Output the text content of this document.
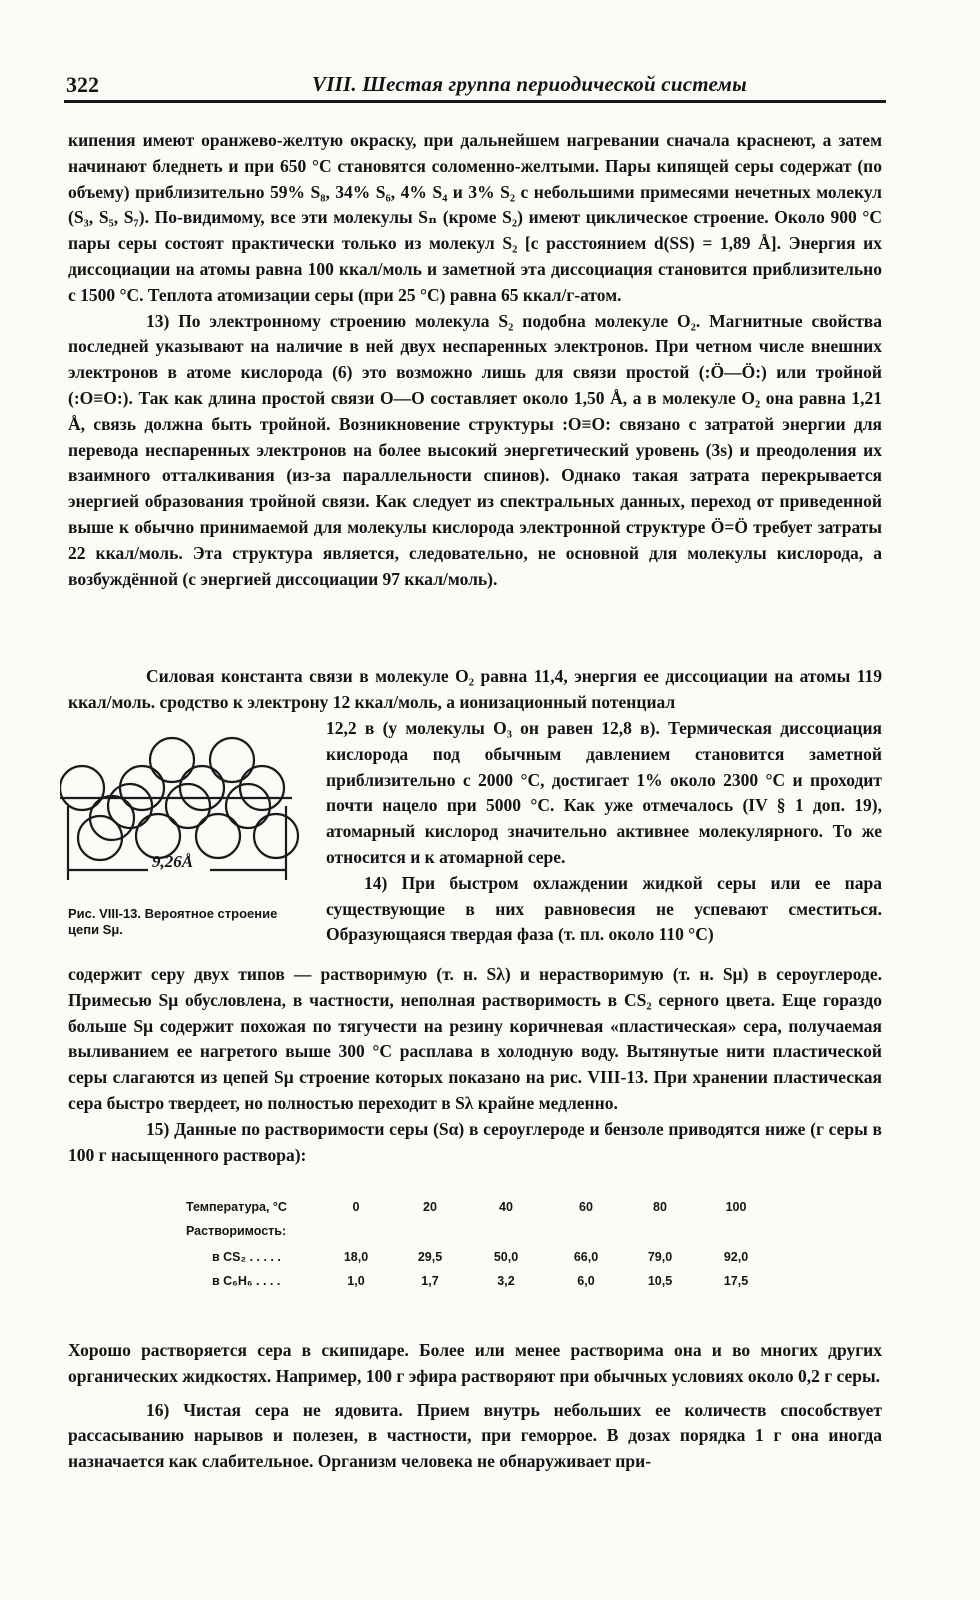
322	VIII. Шестая группа периодической системы

кипения имеют оранжево-желтую окраску, при дальнейшем нагревании сначала краснеют, а затем начинают бледнеть и при 650 °С становятся соломенно-желтыми. Пары кипящей серы содержат (по объему) приблизительно 59% S₈, 34% S₆, 4% S₄ и 3% S₂ с небольшими примесями нечетных молекул (S₃, S₅, S₇). По-видимому, все эти молекулы Sₙ (кроме S₂) имеют циклическое строение. Около 900 °С пары серы состоят практически только из молекул S₂ [с расстоянием d(SS) = 1,89 Å]. Энергия их диссоциации на атомы равна 100 ккал/моль и заметной эта диссоциация становится приблизительно с 1500 °С. Теплота атомизации серы (при 25 °С) равна 65 ккал/г-атом.

13) По электронному строению молекула S₂ подобна молекуле O₂. Магнитные свойства последней указывают на наличие в ней двух неспаренных электронов. При четном числе внешних электронов в атоме кислорода (6) это возможно лишь для связи простой (:Ö—Ö:) или тройной (:O≡O:). Так как длина простой связи O—O составляет около 1,50 Å, а в молекуле O₂ она равна 1,21 Å, связь должна быть тройной. Возникновение структуры :O≡O: связано с затратой энергии для перевода неспаренных электронов на более высокий энергетический уровень (3s) и преодоления их взаимного отталкивания (из-за параллельности спинов). Однако такая затрата перекрывается энергией образования тройной связи. Как следует из спектральных данных, переход от приведенной выше к обычно принимаемой для молекулы кислорода электронной структуре Ö=Ö требует затраты 22 ккал/моль. Эта структура является, следовательно, не основной для молекулы кислорода, а возбуждённой (с энергией диссоциации 97 ккал/моль).

Силовая константа связи в молекуле O₂ равна 11,4, энергия ее диссоциации на атомы 119 ккал/моль. сродство к электрону 12 ккал/моль, а ионизационный потенциал

9,26Å
Рис. VIII-13. Вероятное строение цепи Sμ.

12,2 в (у молекулы O₃ он равен 12,8 в). Термическая диссоциация кислорода под обычным давлением становится заметной приблизительно с 2000 °С, достигает 1% около 2300 °С и проходит почти нацело при 5000 °С. Как уже отмечалось (IV § 1 доп. 19), атомарный кислород значительно активнее молекулярного. То же относится и к атомарной сере.

14) При быстром охлаждении жидкой серы или ее пара существующие в них равновесия не успевают сместиться. Образующаяся твердая фаза (т. пл. около 110 °С)

содержит серу двух типов — растворимую (т. н. Sλ) и нерастворимую (т. н. Sμ) в сероуглероде. Примесью Sμ обусловлена, в частности, неполная растворимость в CS₂ серного цвета. Еще гораздо больше Sμ содержит похожая по тягучести на резину коричневая «пластическая» сера, получаемая выливанием ее нагретого выше 300 °С расплава в холодную воду. Вытянутые нити пластической серы слагаются из цепей Sμ строение которых показано на рис. VIII-13. При хранении пластическая сера быстро твердеет, но полностью переходит в Sλ крайне медленно.

15) Данные по растворимости серы (Sα) в сероуглероде и бензоле приводятся ниже (г серы в 100 г насыщенного раствора):

Температура, °С	0	20	40	60	80	100
Растворимость:
в CS₂ . . . . .	18,0	29,5	50,0	66,0	79,0	92,0
в C₆H₆ . . . .	1,0	1,7	3,2	6,0	10,5	17,5

Хорошо растворяется сера в скипидаре. Более или менее растворима она и во многих других органических жидкостях. Например, 100 г эфира растворяют при обычных условиях около 0,2 г серы.

16) Чистая сера не ядовита. Прием внутрь небольших ее количеств способствует рассасыванию нарывов и полезен, в частности, при геморрое. В дозах порядка 1 г она иногда назначается как слабительное. Организм человека не обнаруживает при-
